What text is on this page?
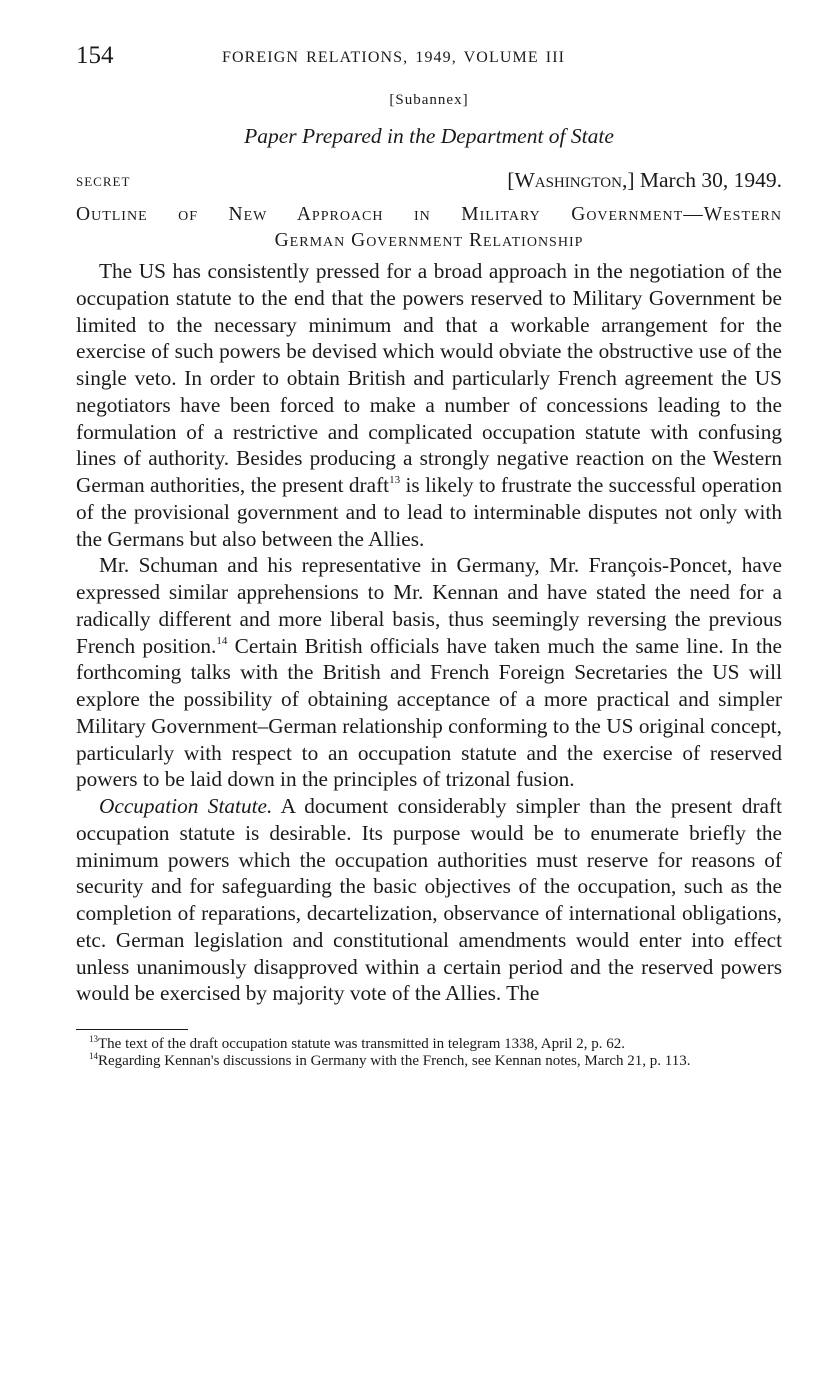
154	FOREIGN RELATIONS, 1949, VOLUME III
[Subannex]
Paper Prepared in the Department of State
SECRET	[Washington,] March 30, 1949.
Outline of New Approach in Military Government—Western
German Government Relationship

The US has consistently pressed for a broad approach in the negotiation of the occupation statute to the end that the powers reserved to Military Government be limited to the necessary minimum and that a workable arrangement for the exercise of such powers be devised which would obviate the obstructive use of the single veto. In order to obtain British and particularly French agreement the US negotiators have been forced to make a number of concessions leading to the formulation of a restrictive and complicated occupation statute with confusing lines of authority. Besides producing a strongly negative reaction on the Western German authorities, the present draft$^{13}$ is likely to frustrate the successful operation of the provisional government and to lead to interminable disputes not only with the Germans but also between the Allies.

Mr. Schuman and his representative in Germany, Mr. François-Poncet, have expressed similar apprehensions to Mr. Kennan and have stated the need for a radically different and more liberal basis, thus seemingly reversing the previous French position.$^{14}$ Certain British officials have taken much the same line. In the forthcoming talks with the British and French Foreign Secretaries the US will explore the possibility of obtaining acceptance of a more practical and simpler Military Government–German relationship conforming to the US original concept, particularly with respect to an occupation statute and the exercise of reserved powers to be laid down in the principles of trizonal fusion.

Occupation Statute. A document considerably simpler than the present draft occupation statute is desirable. Its purpose would be to enumerate briefly the minimum powers which the occupation authorities must reserve for reasons of security and for safeguarding the basic objectives of the occupation, such as the completion of reparations, decartelization, observance of international obligations, etc. German legislation and constitutional amendments would enter into effect unless unanimously disapproved within a certain period and the reserved powers would be exercised by majority vote of the Allies. The

$^{13}$The text of the draft occupation statute was transmitted in telegram 1338, April 2, p. 62.

$^{14}$Regarding Kennan's discussions in Germany with the French, see Kennan notes, March 21, p. 113.
